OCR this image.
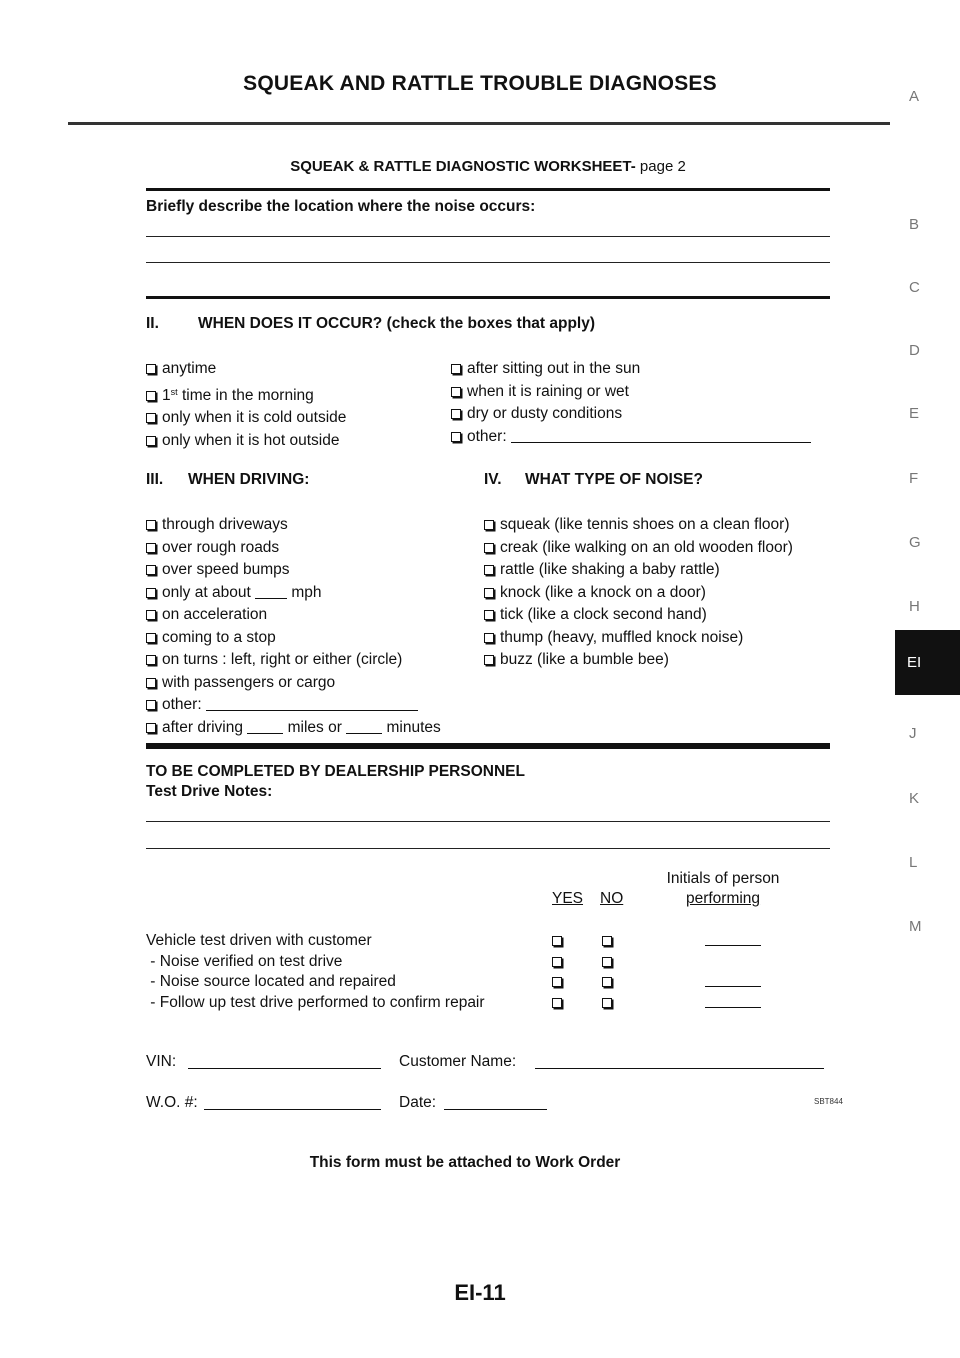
SQUEAK AND RATTLE TROUBLE DIAGNOSES
A
B
C
D
E
F
G
H
EI
J
K
L
M
SQUEAK & RATTLE DIAGNOSTIC WORKSHEET- page 2
Briefly describe the location where the noise occurs:
II.	WHEN DOES IT OCCUR? (check the boxes that apply)
anytime
1st time in the morning
only when it is cold outside
only when it is hot outside
after sitting out in the sun
when it is raining or wet
dry or dusty conditions
other:
III. WHEN DRIVING:	IV. WHAT TYPE OF NOISE?
through driveways
over rough roads
over speed bumps
only at about  mph
on acceleration
coming to a stop
on turns : left, right or either (circle)
with passengers or cargo
other:
after driving	miles or  minutes
squeak (like tennis shoes on a clean floor)
creak (like walking on an old wooden floor)
rattle (like shaking a baby rattle)
knock (like a knock on a door)
tick (like a clock second hand)
thump (heavy, muffled knock noise)
buzz (like a bumble bee)
TO BE COMPLETED BY DEALERSHIP PERSONNEL
Test Drive Notes:
Initials of person
performing
YES NO
Vehicle test driven with customer
- Noise verified on test drive
- Noise source located and repaired
- Follow up test drive performed to confirm repair
VIN:	Customer Name:
W.O. #:	Date:	SBT844
This form must be attached to Work Order
EI-11
